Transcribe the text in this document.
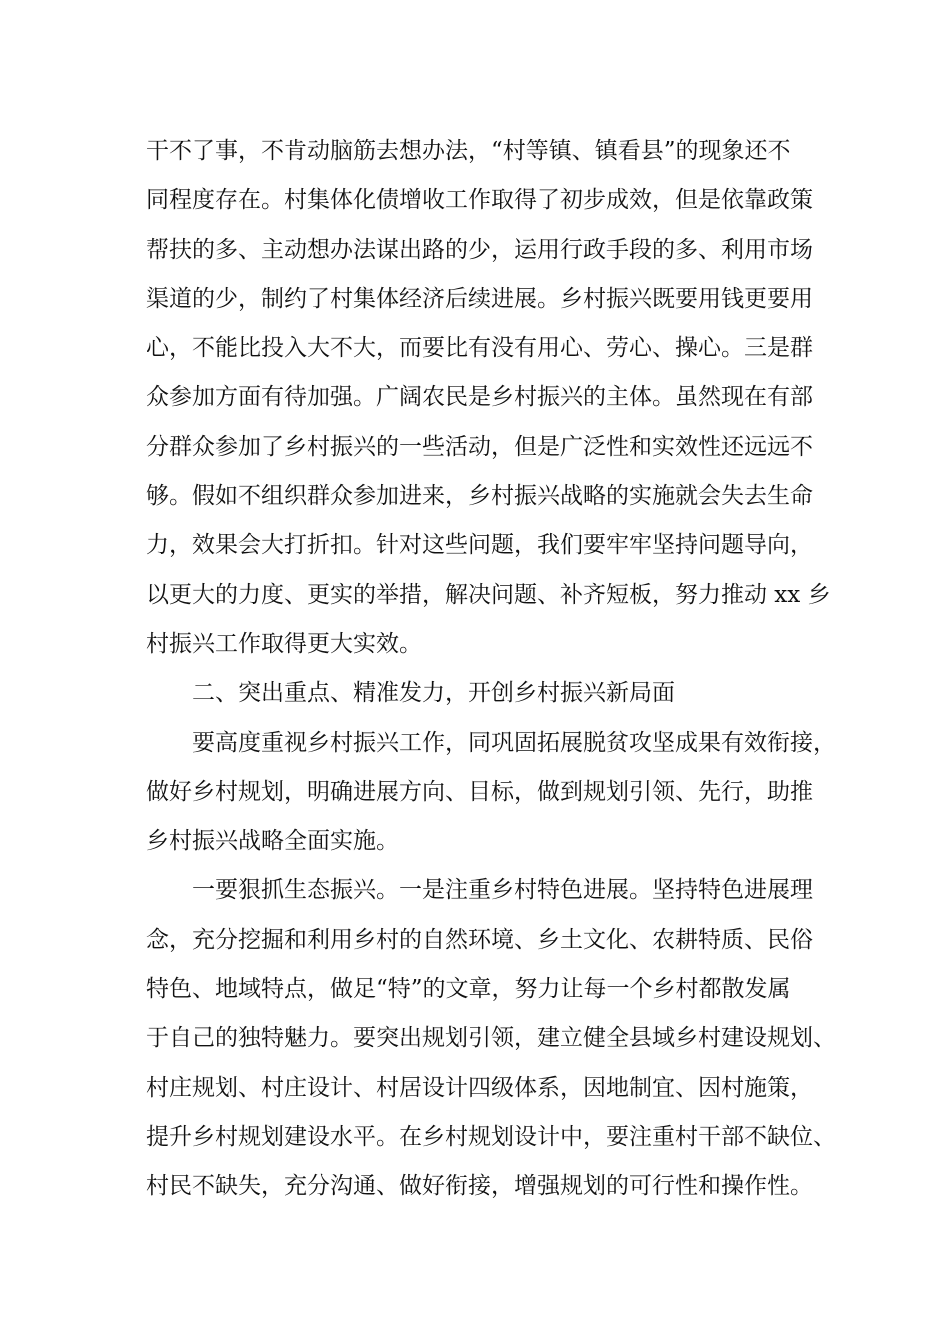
干不了事，不肯动脑筋去想办法，“村等镇、镇看县”的现象还不
同程度存在。村集体化债增收工作取得了初步成效，但是依靠政策
帮扶的多、主动想办法谋出路的少，运用行政手段的多、利用市场
渠道的少，制约了村集体经济后续进展。乡村振兴既要用钱更要用
心，不能比投入大不大，而要比有没有用心、劳心、操心。三是群
众参加方面有待加强。广阔农民是乡村振兴的主体。虽然现在有部
分群众参加了乡村振兴的一些活动，但是广泛性和实效性还远远不
够。假如不组织群众参加进来，乡村振兴战略的实施就会失去生命
力，效果会大打折扣。针对这些问题，我们要牢牢坚持问题导向，
以更大的力度、更实的举措，解决问题、补齐短板，努力推动 xx 乡
村振兴工作取得更大实效。
二、突出重点、精准发力，开创乡村振兴新局面
要高度重视乡村振兴工作，同巩固拓展脱贫攻坚成果有效衔接，
做好乡村规划，明确进展方向、目标，做到规划引领、先行，助推
乡村振兴战略全面实施。
一要狠抓生态振兴。一是注重乡村特色进展。坚持特色进展理
念，充分挖掘和利用乡村的自然环境、乡土文化、农耕特质、民俗
特色、地域特点，做足“特”的文章，努力让每一个乡村都散发属
于自己的独特魅力。要突出规划引领，建立健全县域乡村建设规划、
村庄规划、村庄设计、村居设计四级体系，因地制宜、因村施策，
提升乡村规划建设水平。在乡村规划设计中，要注重村干部不缺位、
村民不缺失，充分沟通、做好衔接，增强规划的可行性和操作性。
